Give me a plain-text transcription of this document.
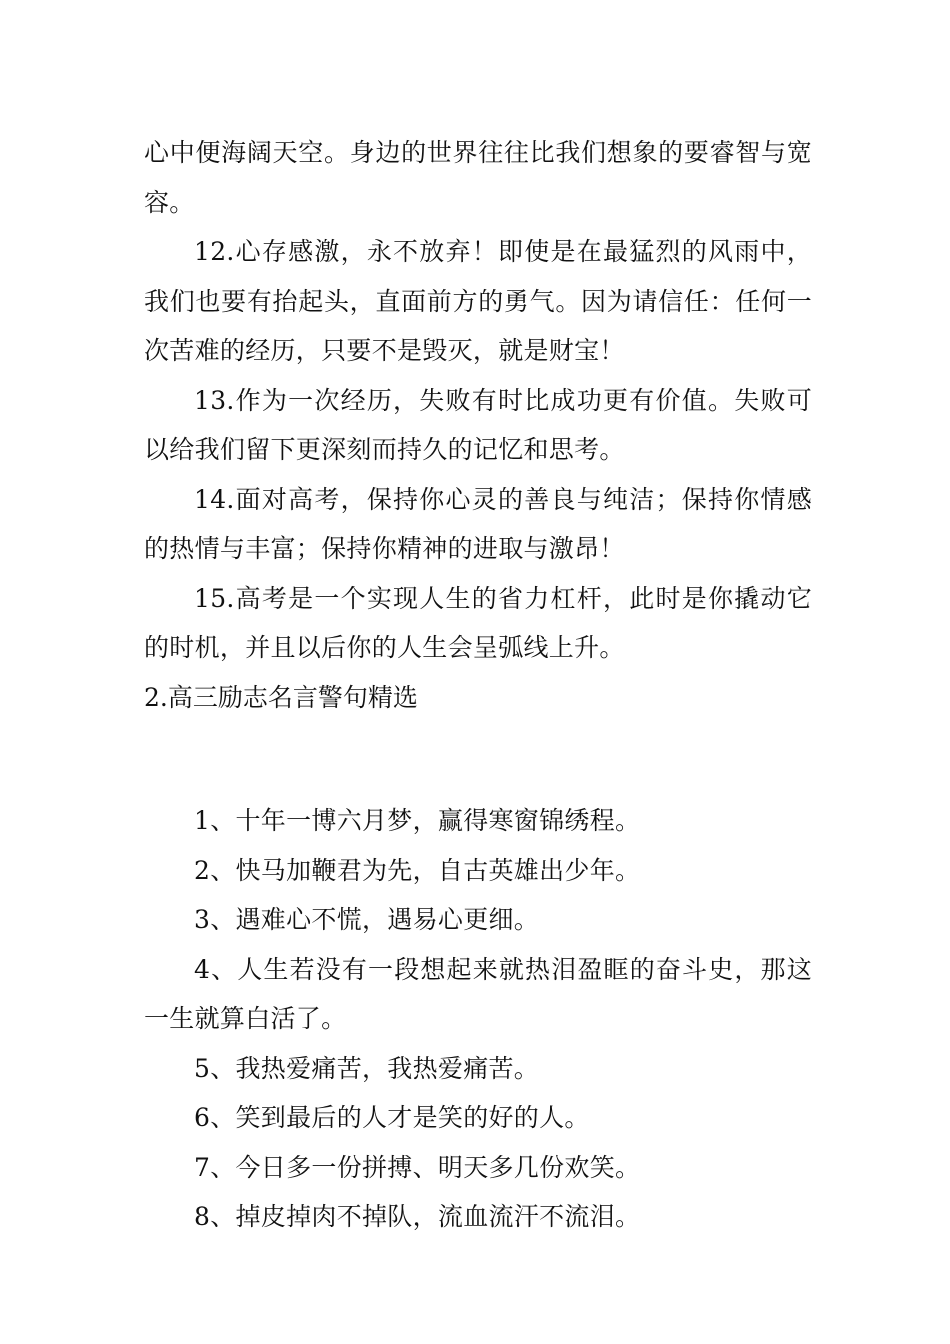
心中便海阔天空。身边的世界往往比我们想象的要睿智与宽容。

12.心存感激，永不放弃！即使是在最猛烈的风雨中，我们也要有抬起头，直面前方的勇气。因为请信任：任何一次苦难的经历，只要不是毁灭，就是财宝！

13.作为一次经历，失败有时比成功更有价值。失败可以给我们留下更深刻而持久的记忆和思考。

14.面对高考，保持你心灵的善良与纯洁；保持你情感的热情与丰富；保持你精神的进取与激昂！

15.高考是一个实现人生的省力杠杆，此时是你撬动它的时机，并且以后你的人生会呈弧线上升。

2.高三励志名言警句精选

1、十年一博六月梦，赢得寒窗锦绣程。

2、快马加鞭君为先，自古英雄出少年。

3、遇难心不慌，遇易心更细。

4、人生若没有一段想起来就热泪盈眶的奋斗史，那这一生就算白活了。

5、我热爱痛苦，我热爱痛苦。

6、笑到最后的人才是笑的好的人。

7、今日多一份拼搏、明天多几份欢笑。

8、掉皮掉肉不掉队，流血流汗不流泪。
